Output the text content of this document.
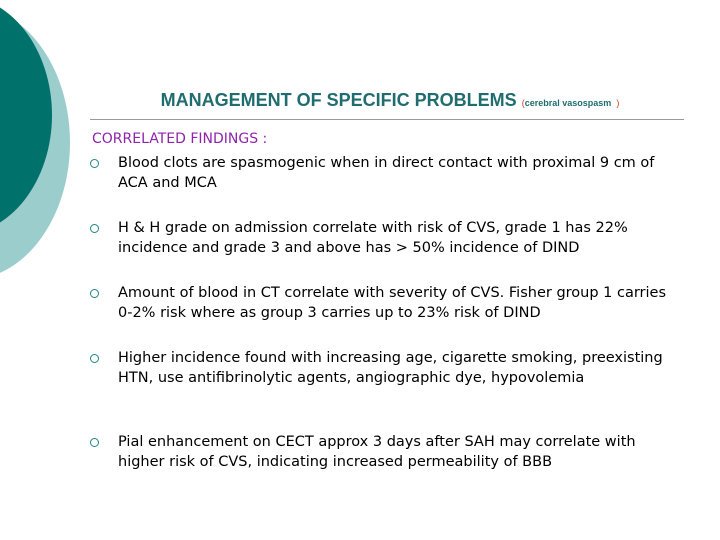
MANAGEMENT OF SPECIFIC PROBLEMS (cerebral vasospasm )
CORRELATED FINDINGS :
Blood clots are spasmogenic when in direct contact with proximal 9 cm of ACA and MCA
H & H grade on admission correlate with risk of CVS, grade 1 has 22% incidence and grade 3 and above has > 50% incidence of DIND
Amount of blood in CT correlate with severity of CVS. Fisher group 1 carries 0-2% risk where as group 3 carries up to 23% risk of DIND
Higher incidence found with increasing age, cigarette smoking, preexisting HTN, use antifibrinolytic agents, angiographic dye, hypovolemia
Pial enhancement on CECT approx 3 days after SAH may correlate with higher risk of CVS, indicating increased permeability of BBB
